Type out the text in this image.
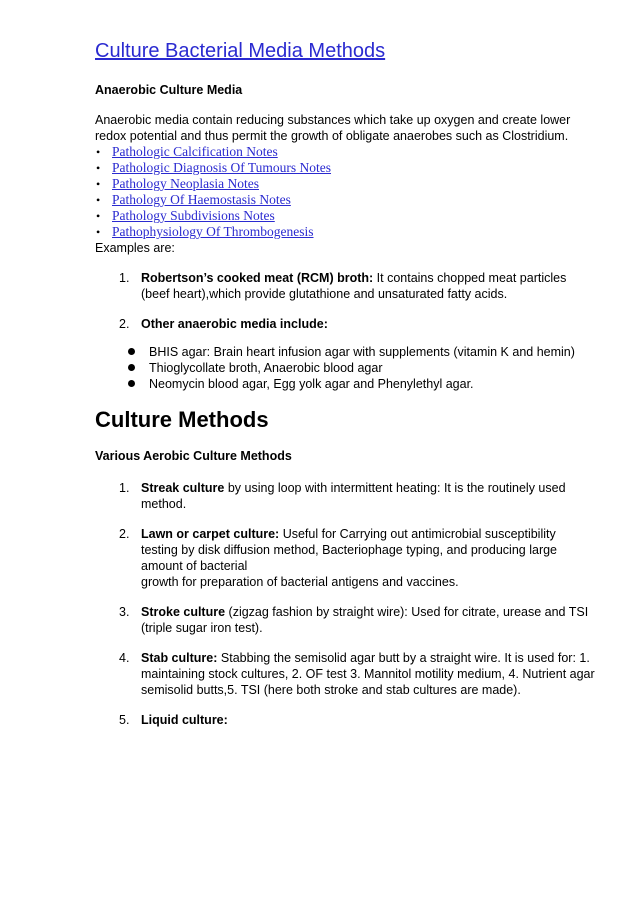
Culture Bacterial Media Methods
Anaerobic Culture Media

Anaerobic media contain reducing substances which take up oxygen and create lower redox potential and thus permit the growth of obligate anaerobes such as Clostridium.

• Pathologic Calcification Notes
• Pathologic Diagnosis Of Tumours Notes
• Pathology Neoplasia Notes
• Pathology Of Haemostasis Notes
• Pathology Subdivisions Notes
• Pathophysiology Of Thrombogenesis

Examples are:

1. Robertson’s cooked meat (RCM) broth: It contains chopped meat particles (beef heart),which provide glutathione and unsaturated fatty acids.
2. Other anaerobic media include:
BHIS agar: Brain heart infusion agar with supplements (vitamin K and hemin)
Thioglycollate broth, Anaerobic blood agar
Neomycin blood agar, Egg yolk agar and Phenylethyl agar.
Culture Methods
Various Aerobic Culture Methods
1. Streak culture by using loop with intermittent heating: It is the routinely used method.
2. Lawn or carpet culture: Useful for Carrying out antimicrobial susceptibility testing by disk diffusion method, Bacteriophage typing, and producing large amount of bacterial
growth for preparation of bacterial antigens and vaccines.
3. Stroke culture (zigzag fashion by straight wire): Used for citrate, urease and TSI (triple sugar iron test).
4. Stab culture: Stabbing the semisolid agar butt by a straight wire. It is used for: 1. maintaining stock cultures, 2. OF test 3. Mannitol motility medium, 4. Nutrient agar semisolid butts,5. TSI (here both stroke and stab cultures are made).
5. Liquid culture:
